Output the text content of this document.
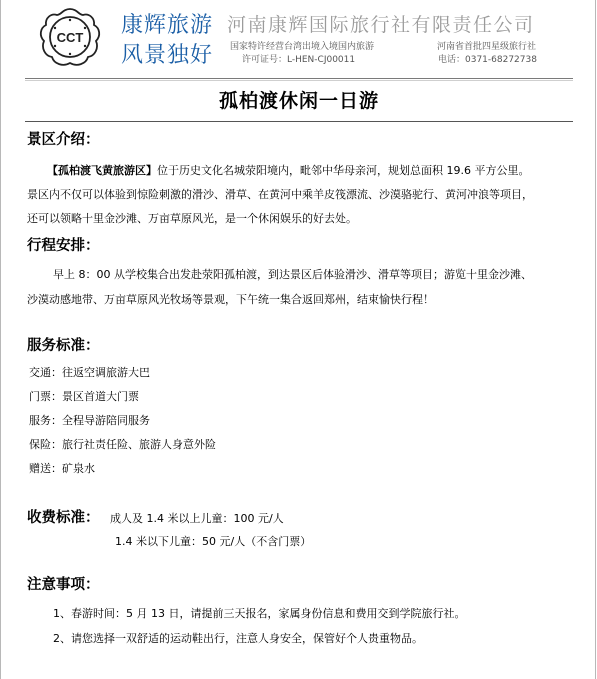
CCT 康辉旅游
风景独好
河南康辉国际旅行社有限责任公司
国家特许经营台湾出境入境国内旅游	河南省首批四星级旅行社
许可证号：L-HEN-CJ00011	电话：0371-68272738
孤柏渡休闲一日游
景区介绍：
【孤柏渡飞黄旅游区】位于历史文化名城荥阳境内，毗邻中华母亲河，规划总面积 19.6 平方公里。
景区内不仅可以体验到惊险刺激的滑沙、滑草、在黄河中乘羊皮筏漂流、沙漠骆驼行、黄河冲浪等项目，
还可以领略十里金沙滩、万亩草原风光，是一个休闲娱乐的好去处。
行程安排：
早上 8：00 从学校集合出发赴荥阳孤柏渡，到达景区后体验滑沙、滑草等项目；游览十里金沙滩、
沙漠动感地带、万亩草原风光牧场等景观，下午统一集合返回郑州，结束愉快行程！
服务标准：
交通：往返空调旅游大巴
门票：景区首道大门票
服务：全程导游陪同服务
保险：旅行社责任险、旅游人身意外险
赠送：矿泉水
收费标准： 成人及 1.4 米以上儿童：100 元/人
1.4 米以下儿童：50 元/人（不含门票）
注意事项：
1、春游时间：5 月 13 日，请提前三天报名，家属身份信息和费用交到学院旅行社。
2、请您选择一双舒适的运动鞋出行，注意人身安全，保管好个人贵重物品。
